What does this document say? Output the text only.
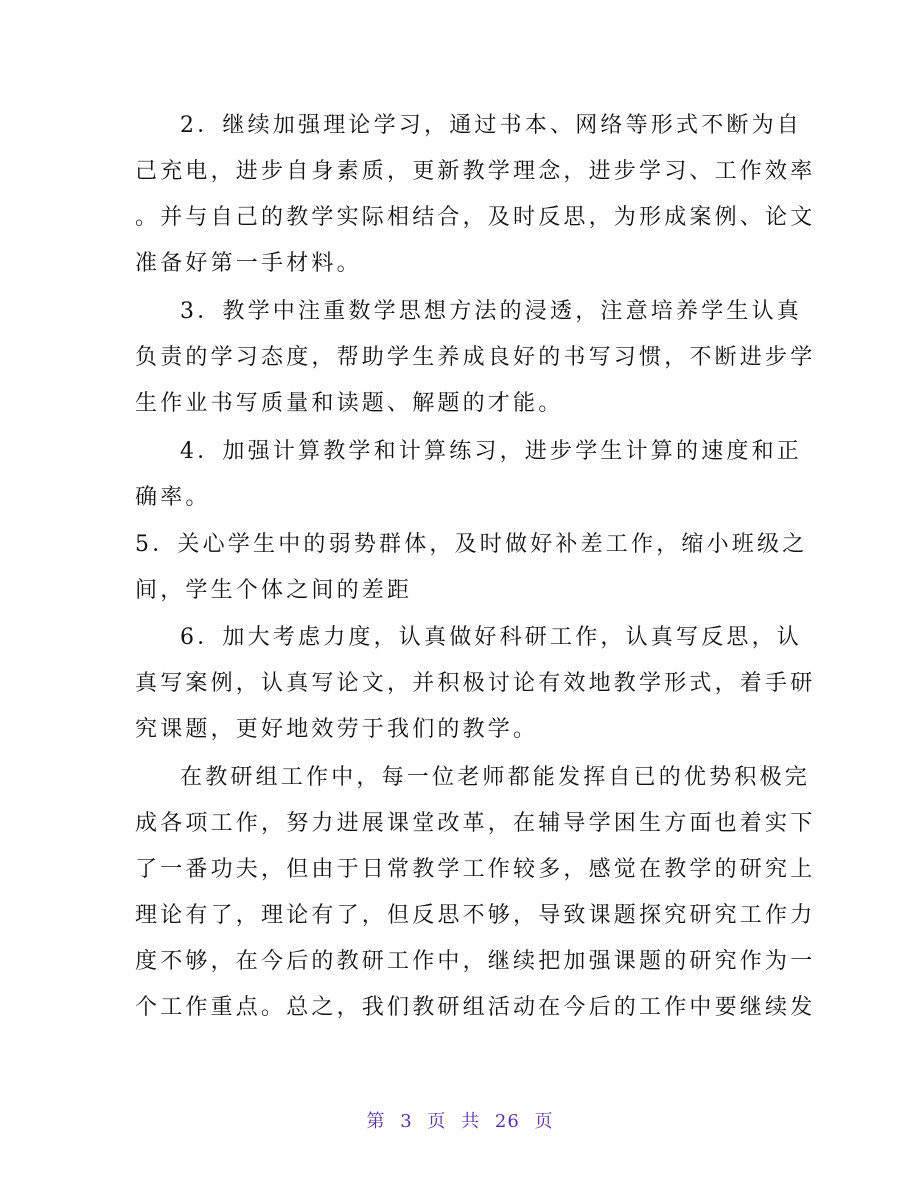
2．继续加强理论学习，通过书本、网络等形式不断为自
己充电，进步自身素质，更新教学理念，进步学习、工作效率
。并与自己的教学实际相结合，及时反思，为形成案例、论文
准备好第一手材料。
3．教学中注重数学思想方法的浸透，注意培养学生认真
负责的学习态度，帮助学生养成良好的书写习惯，不断进步学
生作业书写质量和读题、解题的才能。
4．加强计算教学和计算练习，进步学生计算的速度和正
确率。
5．关心学生中的弱势群体，及时做好补差工作，缩小班级之
间，学生个体之间的差距
6．加大考虑力度，认真做好科研工作，认真写反思，认
真写案例，认真写论文，并积极讨论有效地教学形式，着手研
究课题，更好地效劳于我们的教学。
在教研组工作中，每一位老师都能发挥自已的优势积极完
成各项工作，努力进展课堂改革，在辅导学困生方面也着实下
了一番功夫，但由于日常教学工作较多，感觉在教学的研究上
理论有了，理论有了，但反思不够，导致课题探究研究工作力
度不够，在今后的教研工作中，继续把加强课题的研究作为一
个工作重点。总之，我们教研组活动在今后的工作中要继续发
第 3 页 共 26 页
